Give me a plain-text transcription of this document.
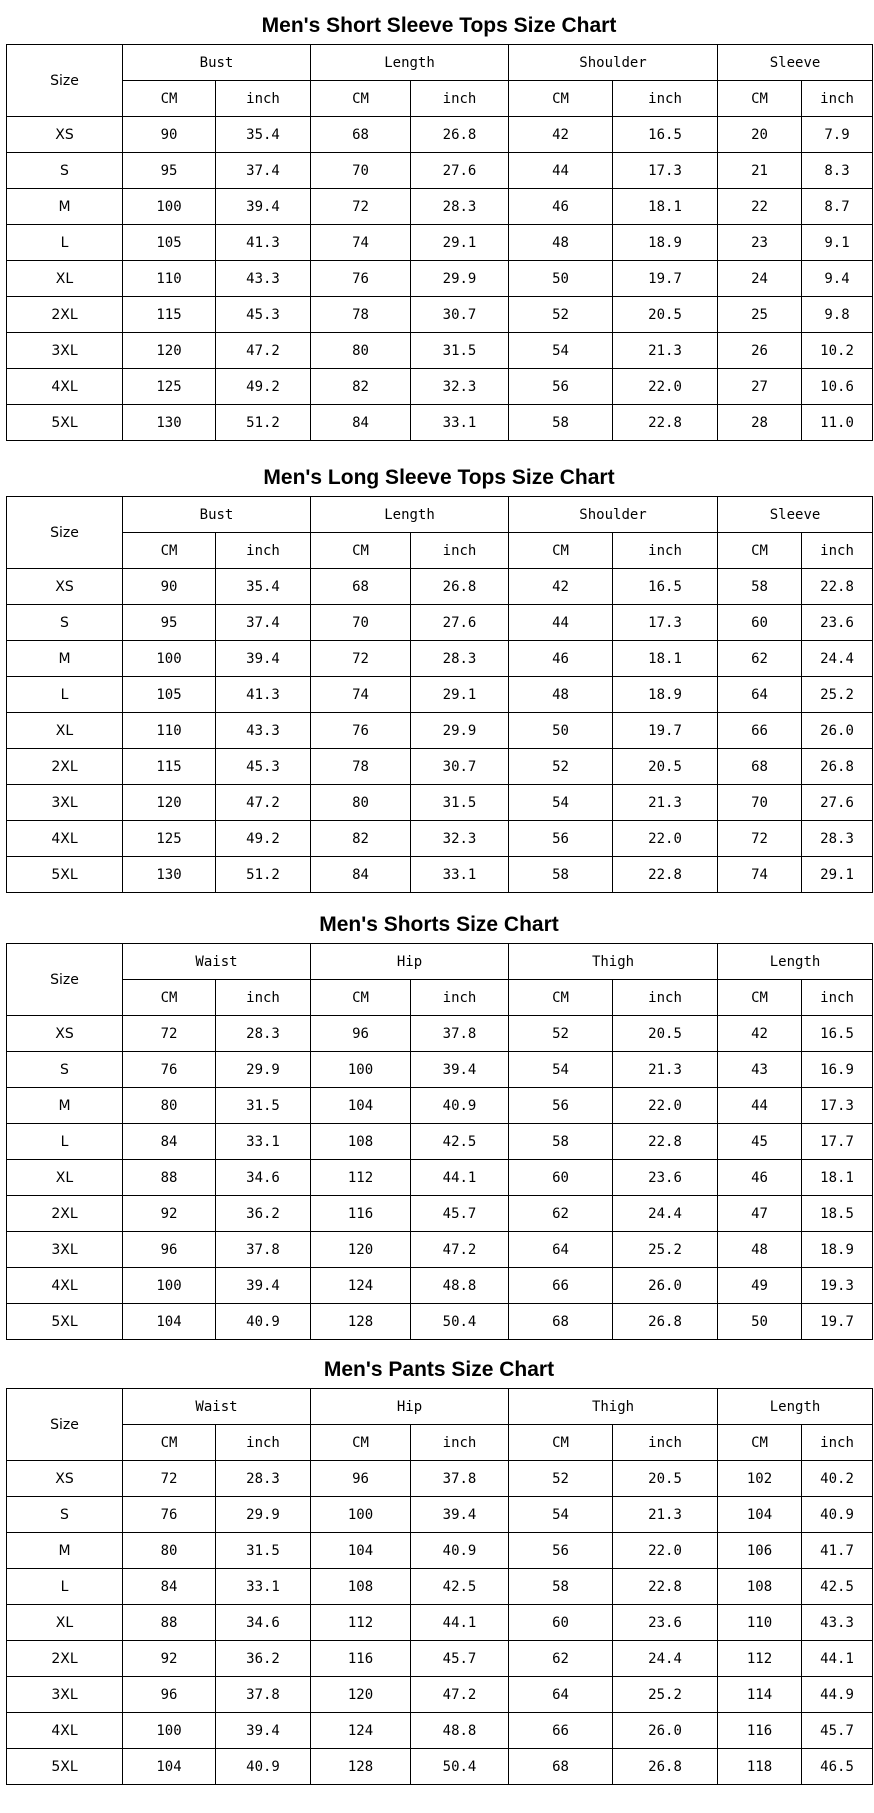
Men's Short Sleeve Tops Size Chart
Size	Bust		Length		Shoulder		Sleeve	
	CM	inch	CM	inch	CM	inch	CM	inch
XS	90	35.4	68	26.8	42	16.5	20	7.9
S	95	37.4	70	27.6	44	17.3	21	8.3
M	100	39.4	72	28.3	46	18.1	22	8.7
L	105	41.3	74	29.1	48	18.9	23	9.1
XL	110	43.3	76	29.9	50	19.7	24	9.4
2XL	115	45.3	78	30.7	52	20.5	25	9.8
3XL	120	47.2	80	31.5	54	21.3	26	10.2
4XL	125	49.2	82	32.3	56	22.0	27	10.6
5XL	130	51.2	84	33.1	58	22.8	28	11.0
Men's Long Sleeve Tops Size Chart
Size	Bust		Length		Shoulder		Sleeve	
	CM	inch	CM	inch	CM	inch	CM	inch
XS	90	35.4	68	26.8	42	16.5	58	22.8
S	95	37.4	70	27.6	44	17.3	60	23.6
M	100	39.4	72	28.3	46	18.1	62	24.4
L	105	41.3	74	29.1	48	18.9	64	25.2
XL	110	43.3	76	29.9	50	19.7	66	26.0
2XL	115	45.3	78	30.7	52	20.5	68	26.8
3XL	120	47.2	80	31.5	54	21.3	70	27.6
4XL	125	49.2	82	32.3	56	22.0	72	28.3
5XL	130	51.2	84	33.1	58	22.8	74	29.1
Men's Shorts Size Chart
Size	Waist		Hip		Thigh		Length	
	CM	inch	CM	inch	CM	inch	CM	inch
XS	72	28.3	96	37.8	52	20.5	42	16.5
S	76	29.9	100	39.4	54	21.3	43	16.9
M	80	31.5	104	40.9	56	22.0	44	17.3
L	84	33.1	108	42.5	58	22.8	45	17.7
XL	88	34.6	112	44.1	60	23.6	46	18.1
2XL	92	36.2	116	45.7	62	24.4	47	18.5
3XL	96	37.8	120	47.2	64	25.2	48	18.9
4XL	100	39.4	124	48.8	66	26.0	49	19.3
5XL	104	40.9	128	50.4	68	26.8	50	19.7
Men's Pants Size Chart
Size	Waist		Hip		Thigh		Length	
	CM	inch	CM	inch	CM	inch	CM	inch
XS	72	28.3	96	37.8	52	20.5	102	40.2
S	76	29.9	100	39.4	54	21.3	104	40.9
M	80	31.5	104	40.9	56	22.0	106	41.7
L	84	33.1	108	42.5	58	22.8	108	42.5
XL	88	34.6	112	44.1	60	23.6	110	43.3
2XL	92	36.2	116	45.7	62	24.4	112	44.1
3XL	96	37.8	120	47.2	64	25.2	114	44.9
4XL	100	39.4	124	48.8	66	26.0	116	45.7
5XL	104	40.9	128	50.4	68	26.8	118	46.5
